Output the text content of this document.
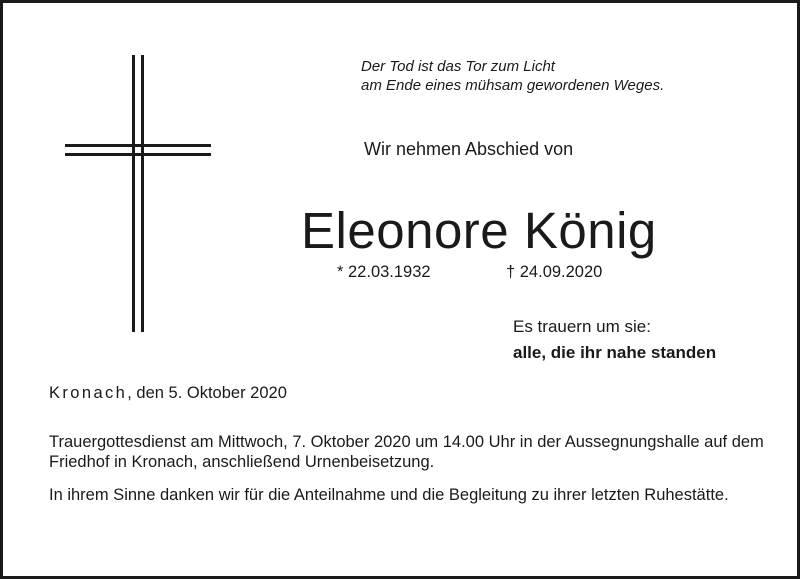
Der Tod ist das Tor zum Licht
am Ende eines mühsam gewordenen Weges.
Wir nehmen Abschied von
Eleonore König
* 22.03.1932	† 24.09.2020
Es trauern um sie:
alle, die ihr nahe standen
Kronach, den 5. Oktober 2020
Trauergottesdienst am Mittwoch, 7. Oktober 2020 um 14.00 Uhr in der Aussegnungshalle auf dem Friedhof in Kronach, anschließend Urnenbeisetzung.
In ihrem Sinne danken wir für die Anteilnahme und die Begleitung zu ihrer letzten Ruhestätte.
